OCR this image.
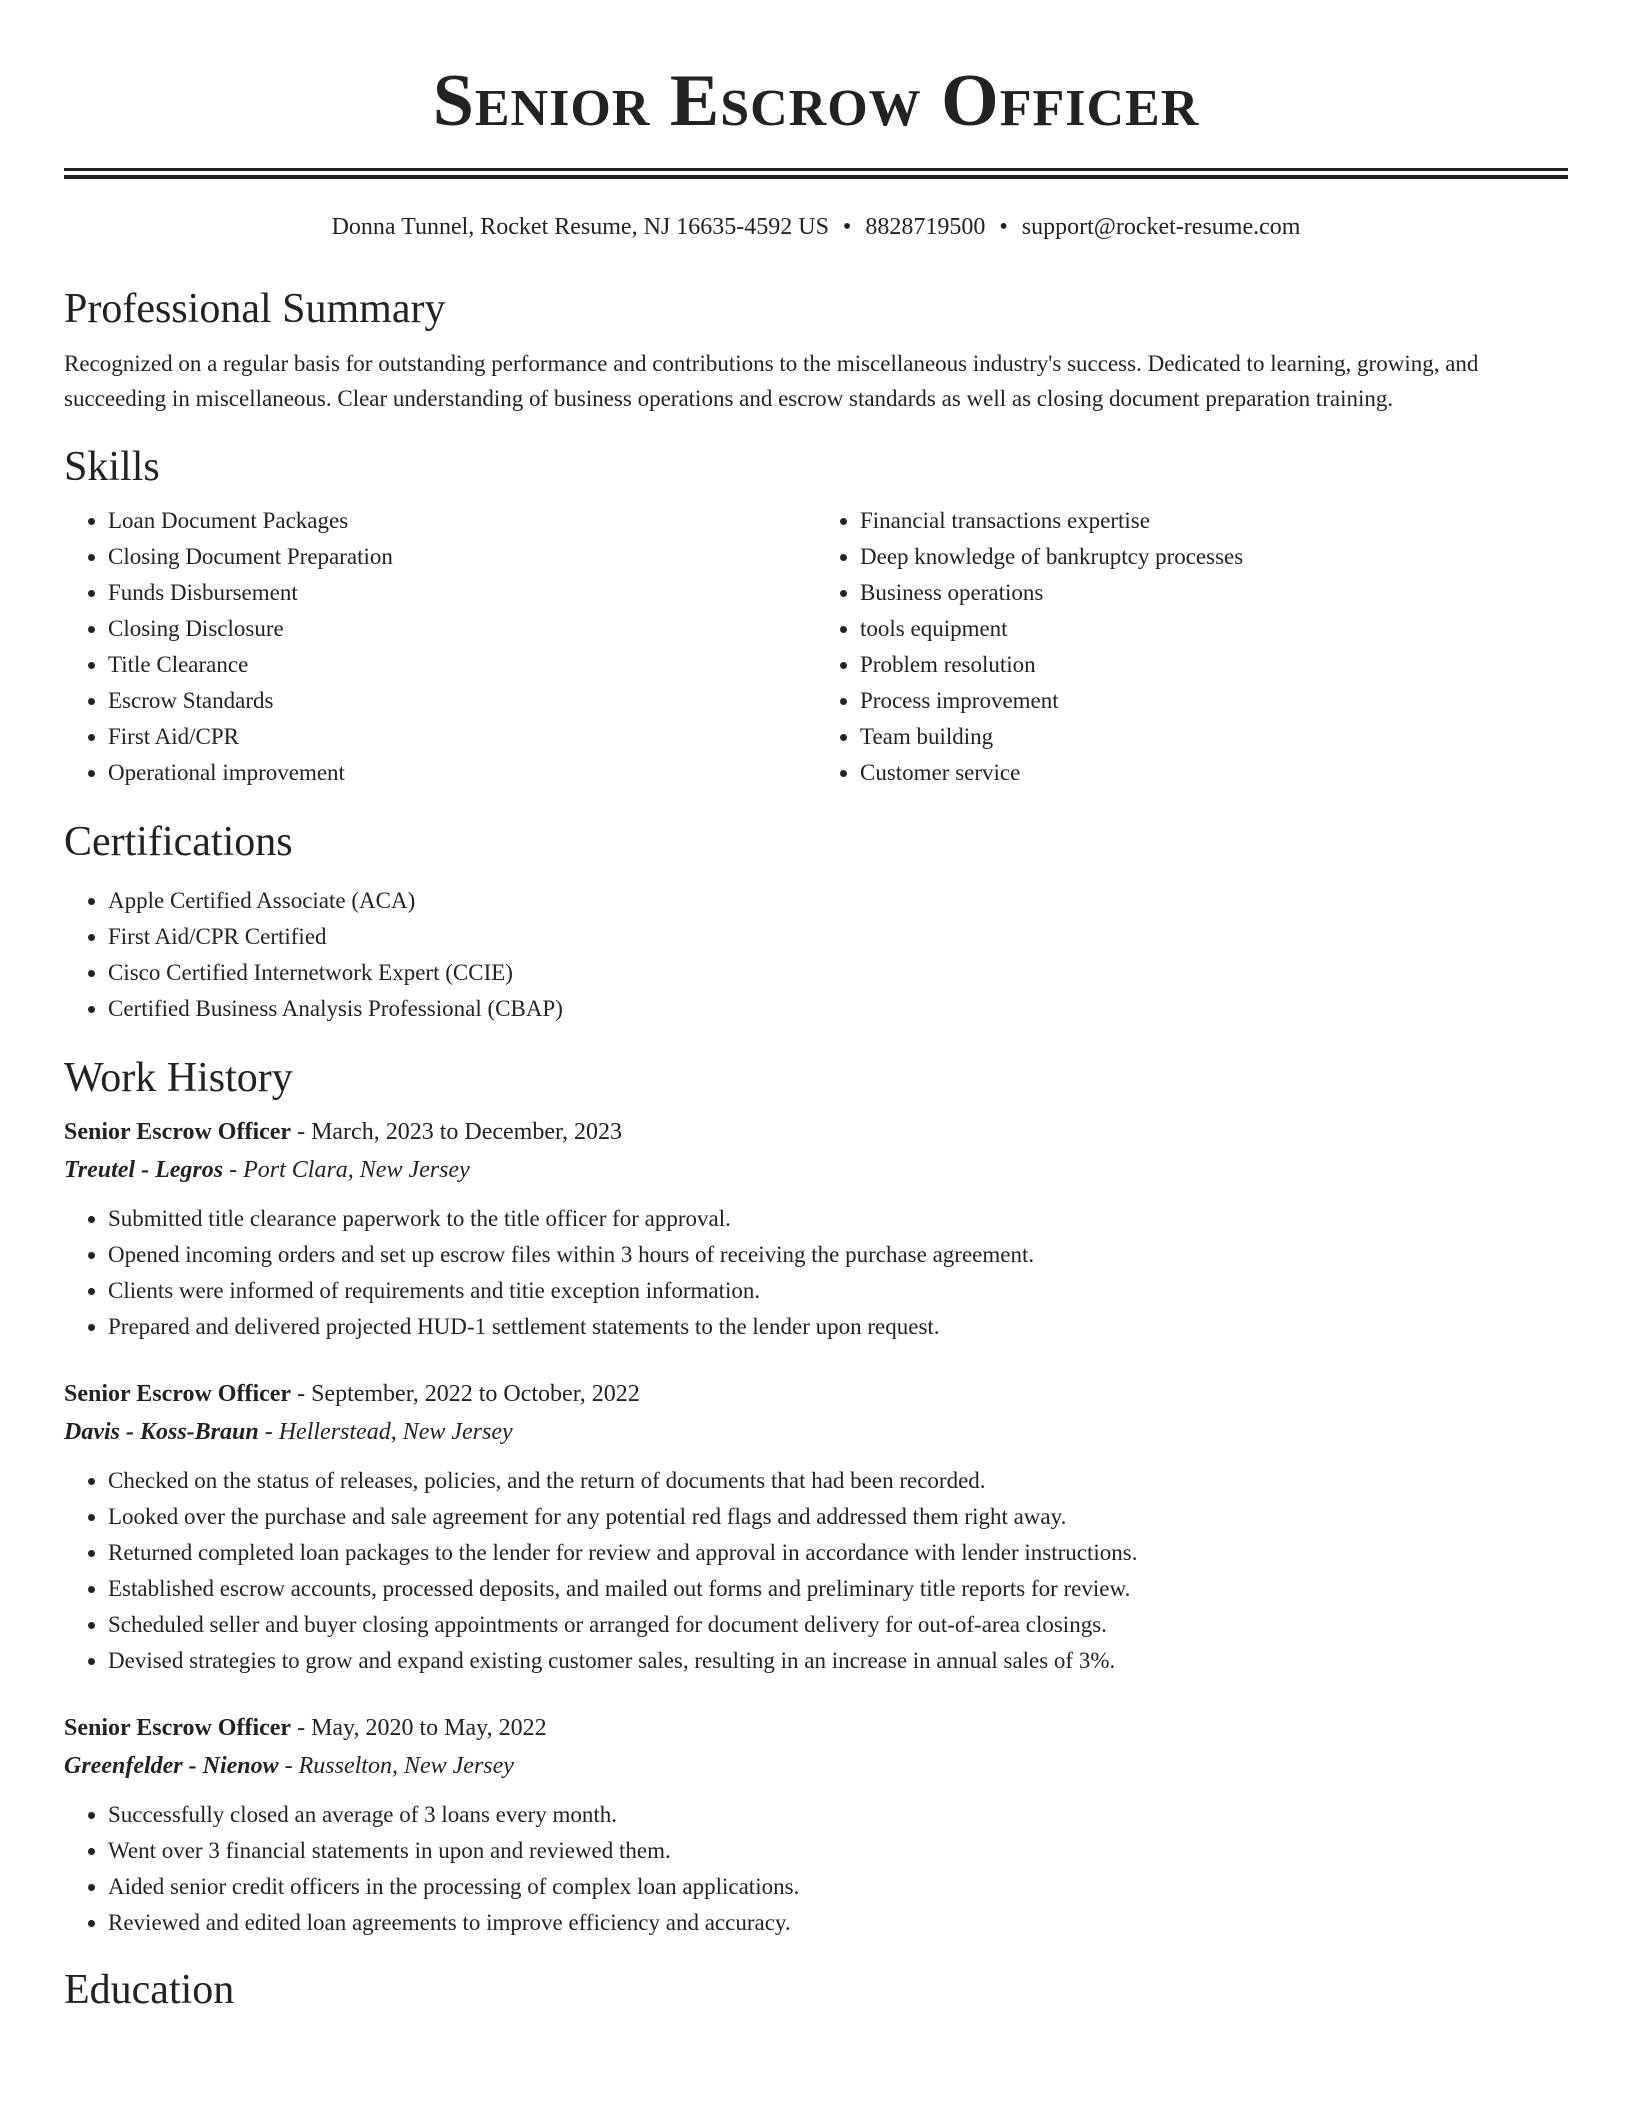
Senior Escrow Officer
Donna Tunnel, Rocket Resume, NJ 16635-4592 US • 8828719500 • support@rocket-resume.com
Professional Summary

Recognized on a regular basis for outstanding performance and contributions to the miscellaneous industry's success. Dedicated to learning, growing, and succeeding in miscellaneous. Clear understanding of business operations and escrow standards as well as closing document preparation training.

Skills
• Loan Document Packages
• Closing Document Preparation
• Funds Disbursement
• Closing Disclosure
• Title Clearance
• Escrow Standards
• First Aid/CPR
• Operational improvement
• Financial transactions expertise
• Deep knowledge of bankruptcy processes
• Business operations
• tools equipment
• Problem resolution
• Process improvement
• Team building
• Customer service
Certifications
• Apple Certified Associate (ACA)
• First Aid/CPR Certified
• Cisco Certified Internetwork Expert (CCIE)
• Certified Business Analysis Professional (CBAP)
Work History
Senior Escrow Officer - March, 2023 to December, 2023
Treutel - Legros - Port Clara, New Jersey
• Submitted title clearance paperwork to the title officer for approval.
• Opened incoming orders and set up escrow files within 3 hours of receiving the purchase agreement.
• Clients were informed of requirements and titie exception information.
• Prepared and delivered projected HUD-1 settlement statements to the lender upon request.
Senior Escrow Officer - September, 2022 to October, 2022
Davis - Koss-Braun - Hellerstead, New Jersey
• Checked on the status of releases, policies, and the return of documents that had been recorded.
• Looked over the purchase and sale agreement for any potential red flags and addressed them right away.
• Returned completed loan packages to the lender for review and approval in accordance with lender instructions.
• Established escrow accounts, processed deposits, and mailed out forms and preliminary title reports for review.
• Scheduled seller and buyer closing appointments or arranged for document delivery for out-of-area closings.
• Devised strategies to grow and expand existing customer sales, resulting in an increase in annual sales of 3%.
Senior Escrow Officer - May, 2020 to May, 2022
Greenfelder - Nienow - Russelton, New Jersey
• Successfully closed an average of 3 loans every month.
• Went over 3 financial statements in upon and reviewed them.
• Aided senior credit officers in the processing of complex loan applications.
• Reviewed and edited loan agreements to improve efficiency and accuracy.
Education
